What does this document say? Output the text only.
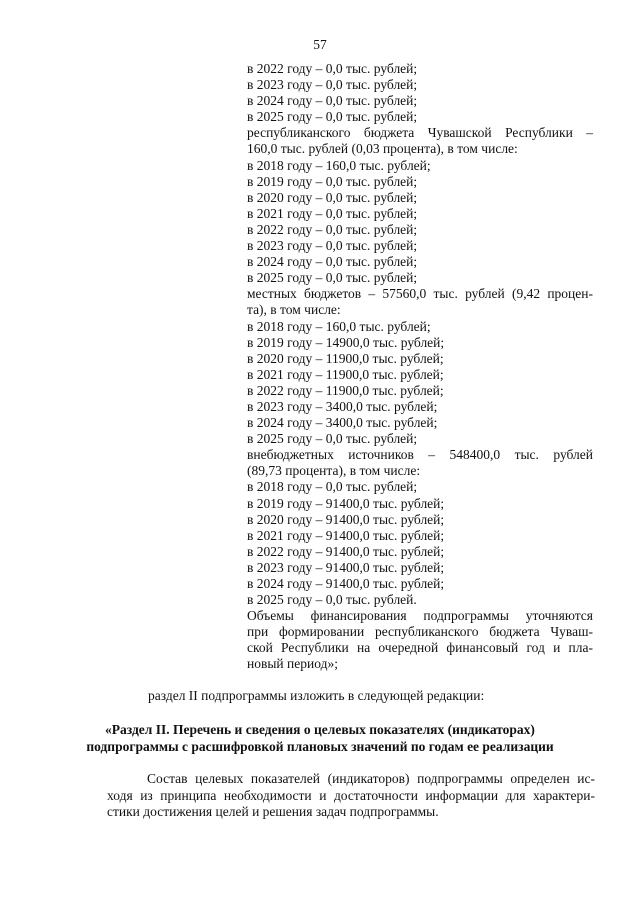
57
в 2022 году – 0,0 тыс. рублей;
в 2023 году – 0,0 тыс. рублей;
в 2024 году – 0,0 тыс. рублей;
в 2025 году – 0,0 тыс. рублей;
республиканского бюджета Чувашской Республики –
160,0 тыс. рублей (0,03 процента), в том числе:
в 2018 году – 160,0 тыс. рублей;
в 2019 году – 0,0 тыс. рублей;
в 2020 году – 0,0 тыс. рублей;
в 2021 году – 0,0 тыс. рублей;
в 2022 году – 0,0 тыс. рублей;
в 2023 году – 0,0 тыс. рублей;
в 2024 году – 0,0 тыс. рублей;
в 2025 году – 0,0 тыс. рублей;
местных бюджетов – 57560,0 тыс. рублей (9,42 процен-
та), в том числе:
в 2018 году – 160,0 тыс. рублей;
в 2019 году – 14900,0 тыс. рублей;
в 2020 году – 11900,0 тыс. рублей;
в 2021 году – 11900,0 тыс. рублей;
в 2022 году – 11900,0 тыс. рублей;
в 2023 году – 3400,0 тыс. рублей;
в 2024 году – 3400,0 тыс. рублей;
в 2025 году – 0,0 тыс. рублей;
внебюджетных источников – 548400,0 тыс. рублей
(89,73 процента), в том числе:
в 2018 году – 0,0 тыс. рублей;
в 2019 году – 91400,0 тыс. рублей;
в 2020 году – 91400,0 тыс. рублей;
в 2021 году – 91400,0 тыс. рублей;
в 2022 году – 91400,0 тыс. рублей;
в 2023 году – 91400,0 тыс. рублей;
в 2024 году – 91400,0 тыс. рублей;
в 2025 году – 0,0 тыс. рублей.
Объемы финансирования подпрограммы уточняются
при формировании республиканского бюджета Чуваш-
ской Республики на очередной финансовый год и пла-
новый период»;
раздел II подпрограммы изложить в следующей редакции:
«Раздел II. Перечень и сведения о целевых показателях (индикаторах)
подпрограммы с расшифровкой плановых значений по годам ее реализации
Состав целевых показателей (индикаторов) подпрограммы определен ис-
ходя из принципа необходимости и достаточности информации для характери-
стики достижения целей и решения задач подпрограммы.
